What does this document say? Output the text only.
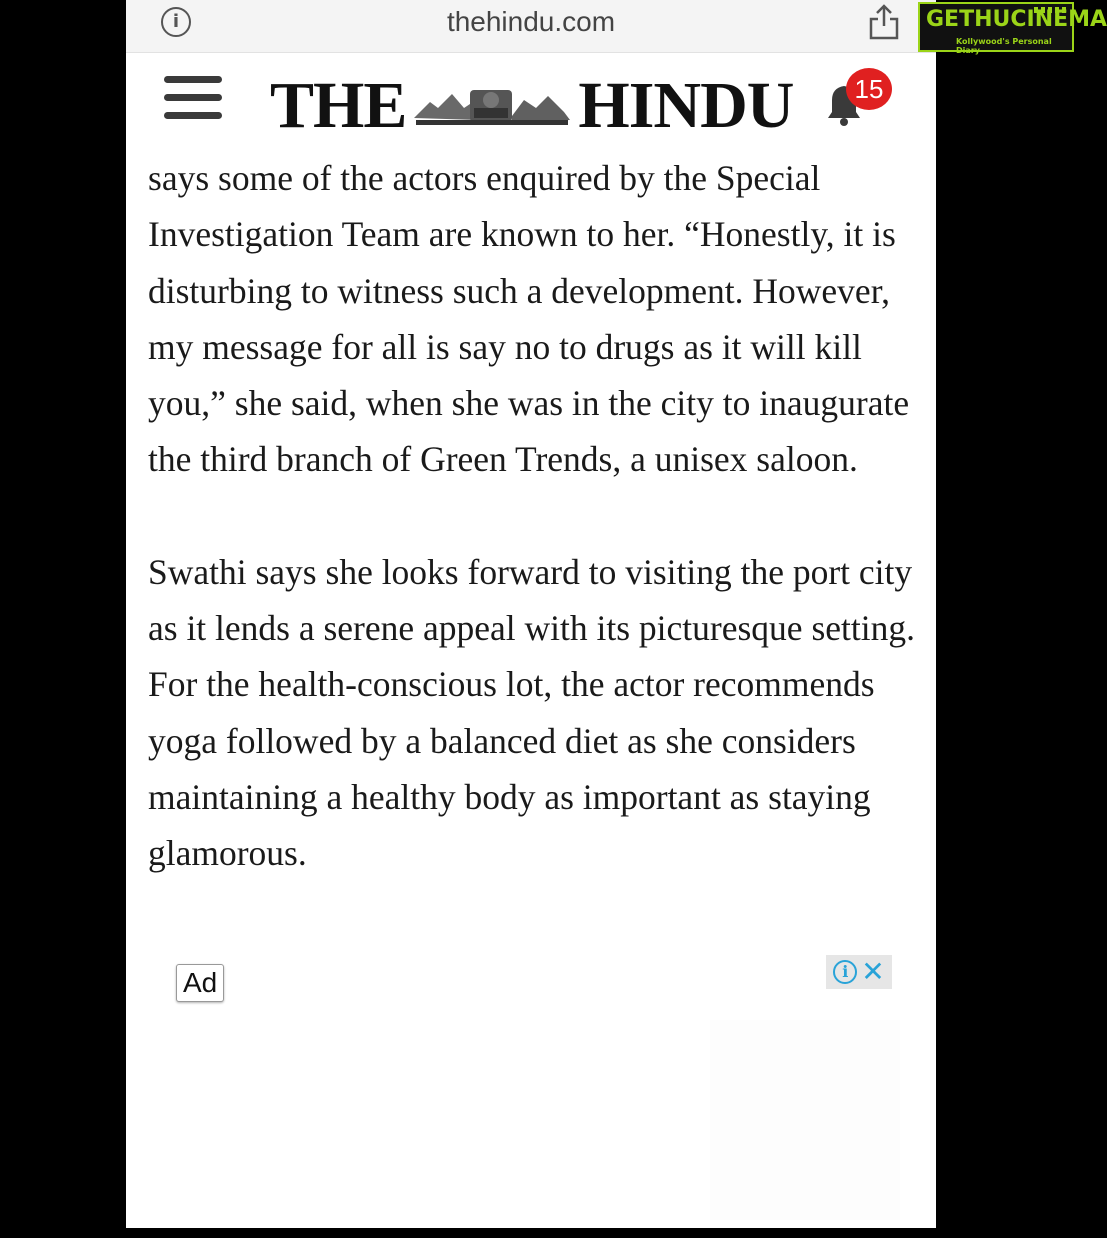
i	thehindu.com
THE	HINDU	15

says some of the actors enquired by the Special Investigation Team are known to her. “Honestly, it is disturbing to witness such a development. However, my message for all is say no to drugs as it will kill you,” she said, when she was in the city to inaugurate the third branch of Green Trends, a unisex saloon.

Swathi says she looks forward to visiting the port city as it lends a serene appeal with its picturesque setting. For the health-conscious lot, the actor recommends yoga followed by a balanced diet as she considers maintaining a healthy body as important as staying glamorous.

Ad	i ✕
GETHUCINEMA
Kollywood's Personal Diary
